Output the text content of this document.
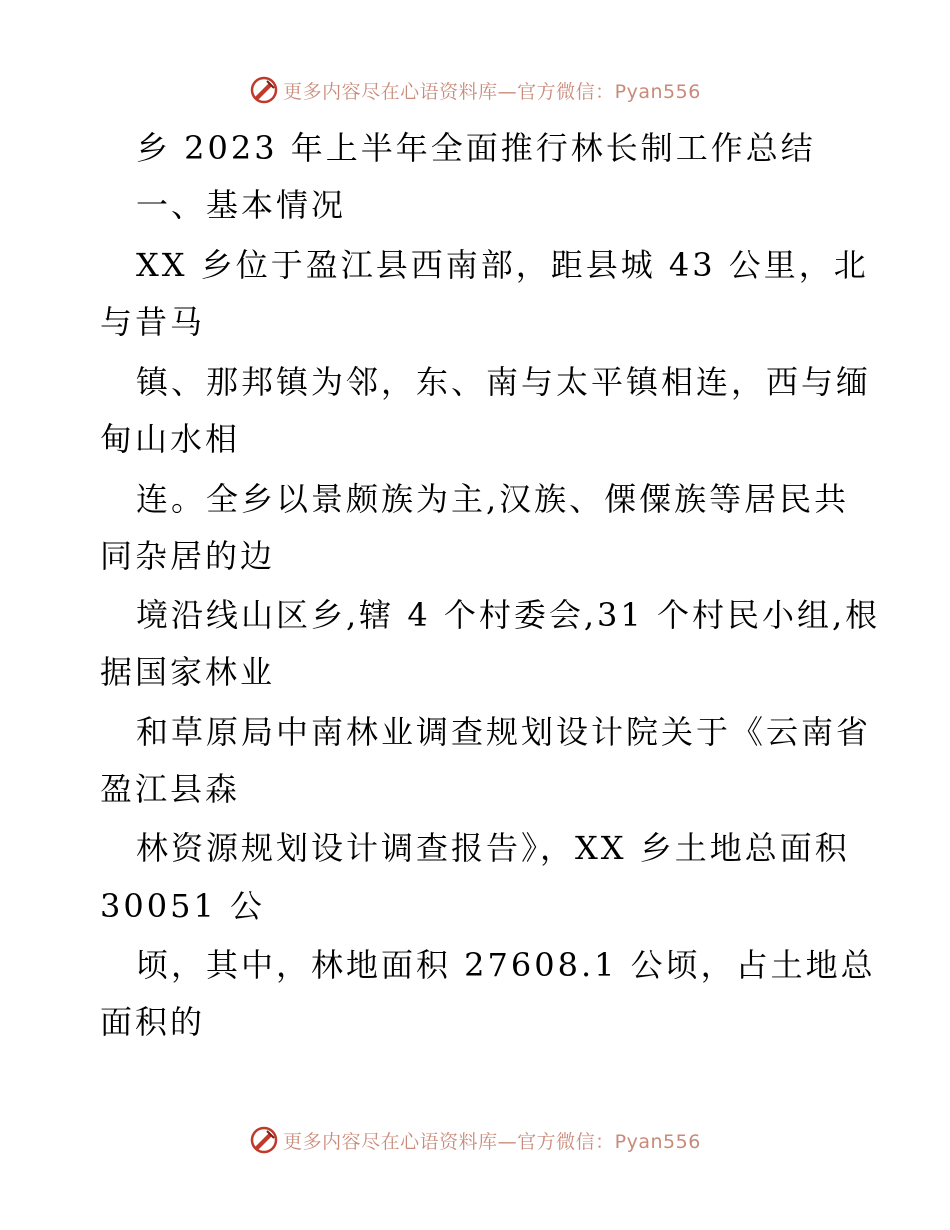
更多内容尽在心语资料库—官方微信：Pyan556
乡 2023 年上半年全面推行林长制工作总结
一、基本情况
XX 乡位于盈江县西南部，距县城 43 公里，北
与昔马
镇、那邦镇为邻，东、南与太平镇相连，西与缅
甸山水相
连。全乡以景颇族为主,汉族、傈僳族等居民共
同杂居的边
境沿线山区乡,辖 4 个村委会,31 个村民小组,根
据国家林业
和草原局中南林业调查规划设计院关于《云南省
盈江县森
林资源规划设计调查报告》，XX 乡土地总面积
30051 公
顷，其中，林地面积 27608.1 公顷，占土地总
面积的
更多内容尽在心语资料库—官方微信：Pyan556
